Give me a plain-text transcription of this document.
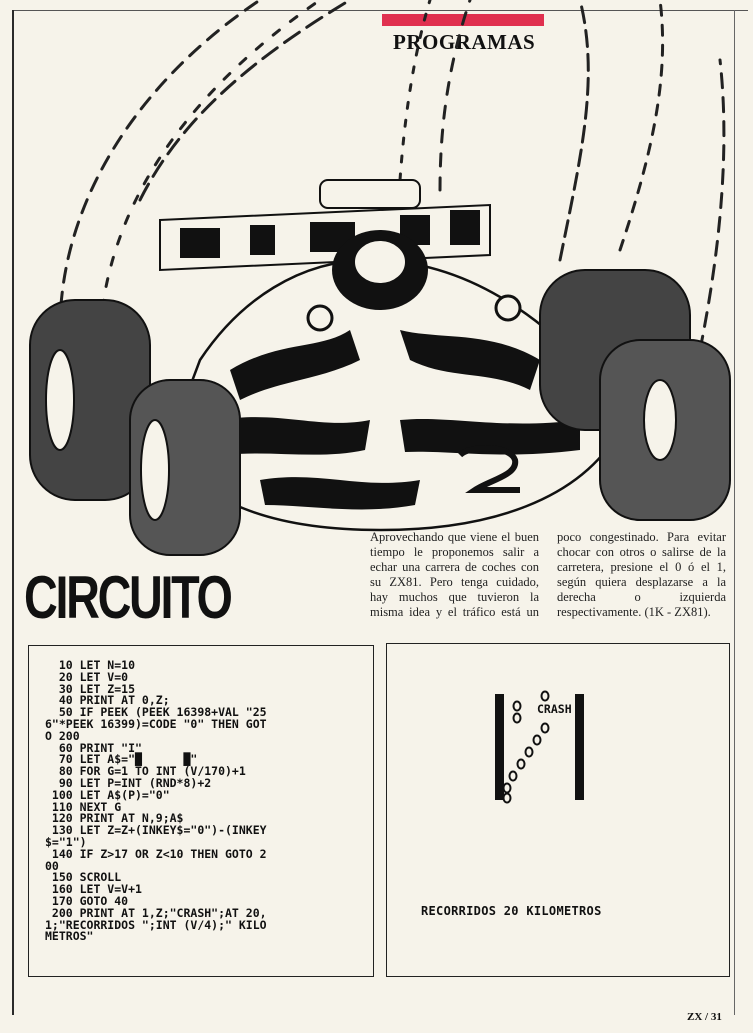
PROGRAMAS
CIRCUITO
Aprovechando que viene el buen tiempo le proponemos salir a echar una carrera de coches con su ZX81. Pero tenga cuidado, hay muchos que tuvieron la misma idea y el tráfico está un poco congestinado. Para evitar chocar con otros o salirse de la carretera, presione el 0 ó el 1, según quiera desplazarse a la derecha o izquierda respectivamente. (1K - ZX81).
10 LET N=10
20 LET V=0
30 LET Z=15
40 PRINT AT 0,Z;
50 IF PEEK (PEEK 16398+VAL "25
6"*PEEK 16399)=CODE "0" THEN GOT
O 200
60 PRINT "I"
70 LET A$="█      █"
80 FOR G=1 TO INT (V/170)+1
90 LET P=INT (RND*8)+2
100 LET A$(P)="0"
110 NEXT G
120 PRINT AT N,9;A$
130 LET Z=Z+(INKEY$="0")-(INKEY
$="1")
140 IF Z>17 OR Z<10 THEN GOTO 2
00
150 SCROLL
160 LET V=V+1
170 GOTO 40
200 PRINT AT 1,Z;"CRASH";AT 20,
1;"RECORRIDOS ";INT (V/4);" KILO
METROS"
CRASH
RECORRIDOS 20 KILOMETROS
ZX / 31
